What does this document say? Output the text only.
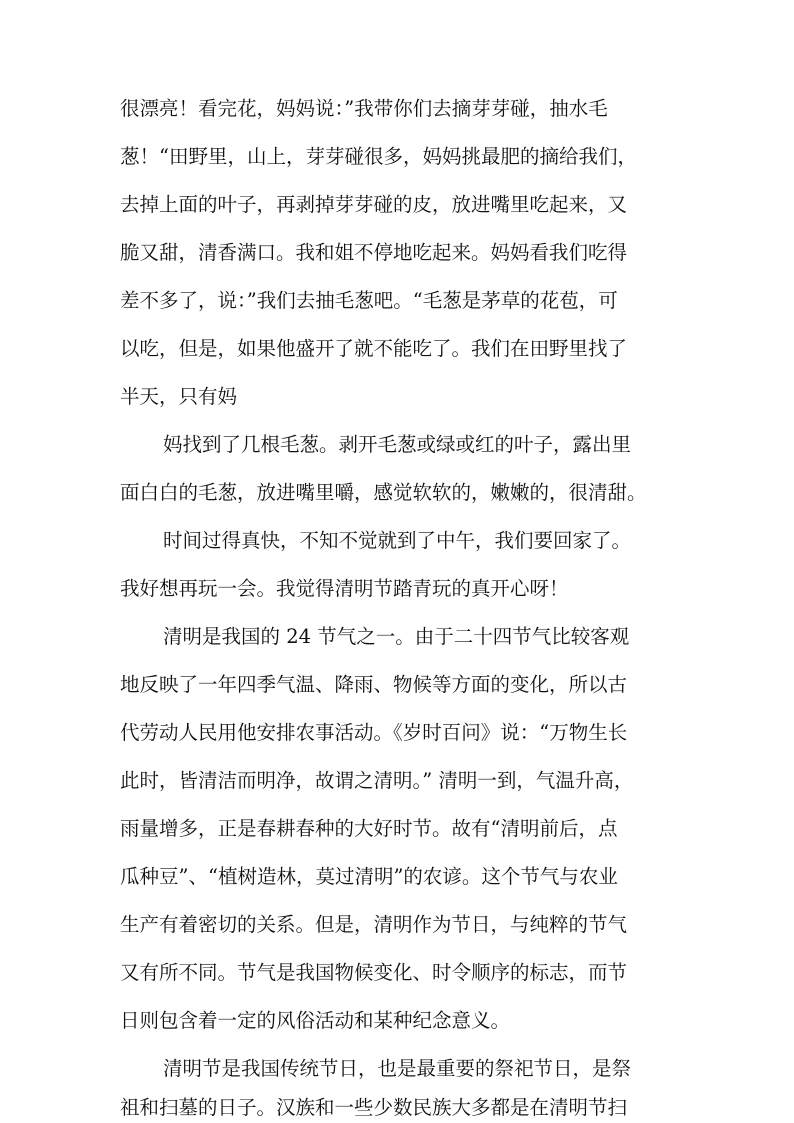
很漂亮！看完花，妈妈说：”我带你们去摘芽芽碰，抽水毛

葱！“田野里，山上，芽芽碰很多，妈妈挑最肥的摘给我们，

去掉上面的叶子，再剥掉芽芽碰的皮，放进嘴里吃起来，又

脆又甜，清香满口。我和姐不停地吃起来。妈妈看我们吃得

差不多了，说：”我们去抽毛葱吧。“毛葱是茅草的花苞，可

以吃，但是，如果他盛开了就不能吃了。我们在田野里找了

半天，只有妈

妈找到了几根毛葱。剥开毛葱或绿或红的叶子，露出里

面白白的毛葱，放进嘴里嚼，感觉软软的，嫩嫩的，很清甜。

时间过得真快，不知不觉就到了中午，我们要回家了。

我好想再玩一会。我觉得清明节踏青玩的真开心呀！

清明是我国的 24 节气之一。由于二十四节气比较客观

地反映了一年四季气温、降雨、物候等方面的变化，所以古

代劳动人民用他安排农事活动。《岁时百问》说：“万物生长

此时，皆清洁而明净，故谓之清明。” 清明一到，气温升高，

雨量增多，正是春耕春种的大好时节。故有“清明前后，点

瓜种豆”、“植树造林，莫过清明”的农谚。这个节气与农业

生产有着密切的关系。但是，清明作为节日，与纯粹的节气

又有所不同。节气是我国物候变化、时令顺序的标志，而节

日则包含着一定的风俗活动和某种纪念意义。

清明节是我国传统节日，也是最重要的祭祀节日，是祭

祖和扫墓的日子。汉族和一些少数民族大多都是在清明节扫
